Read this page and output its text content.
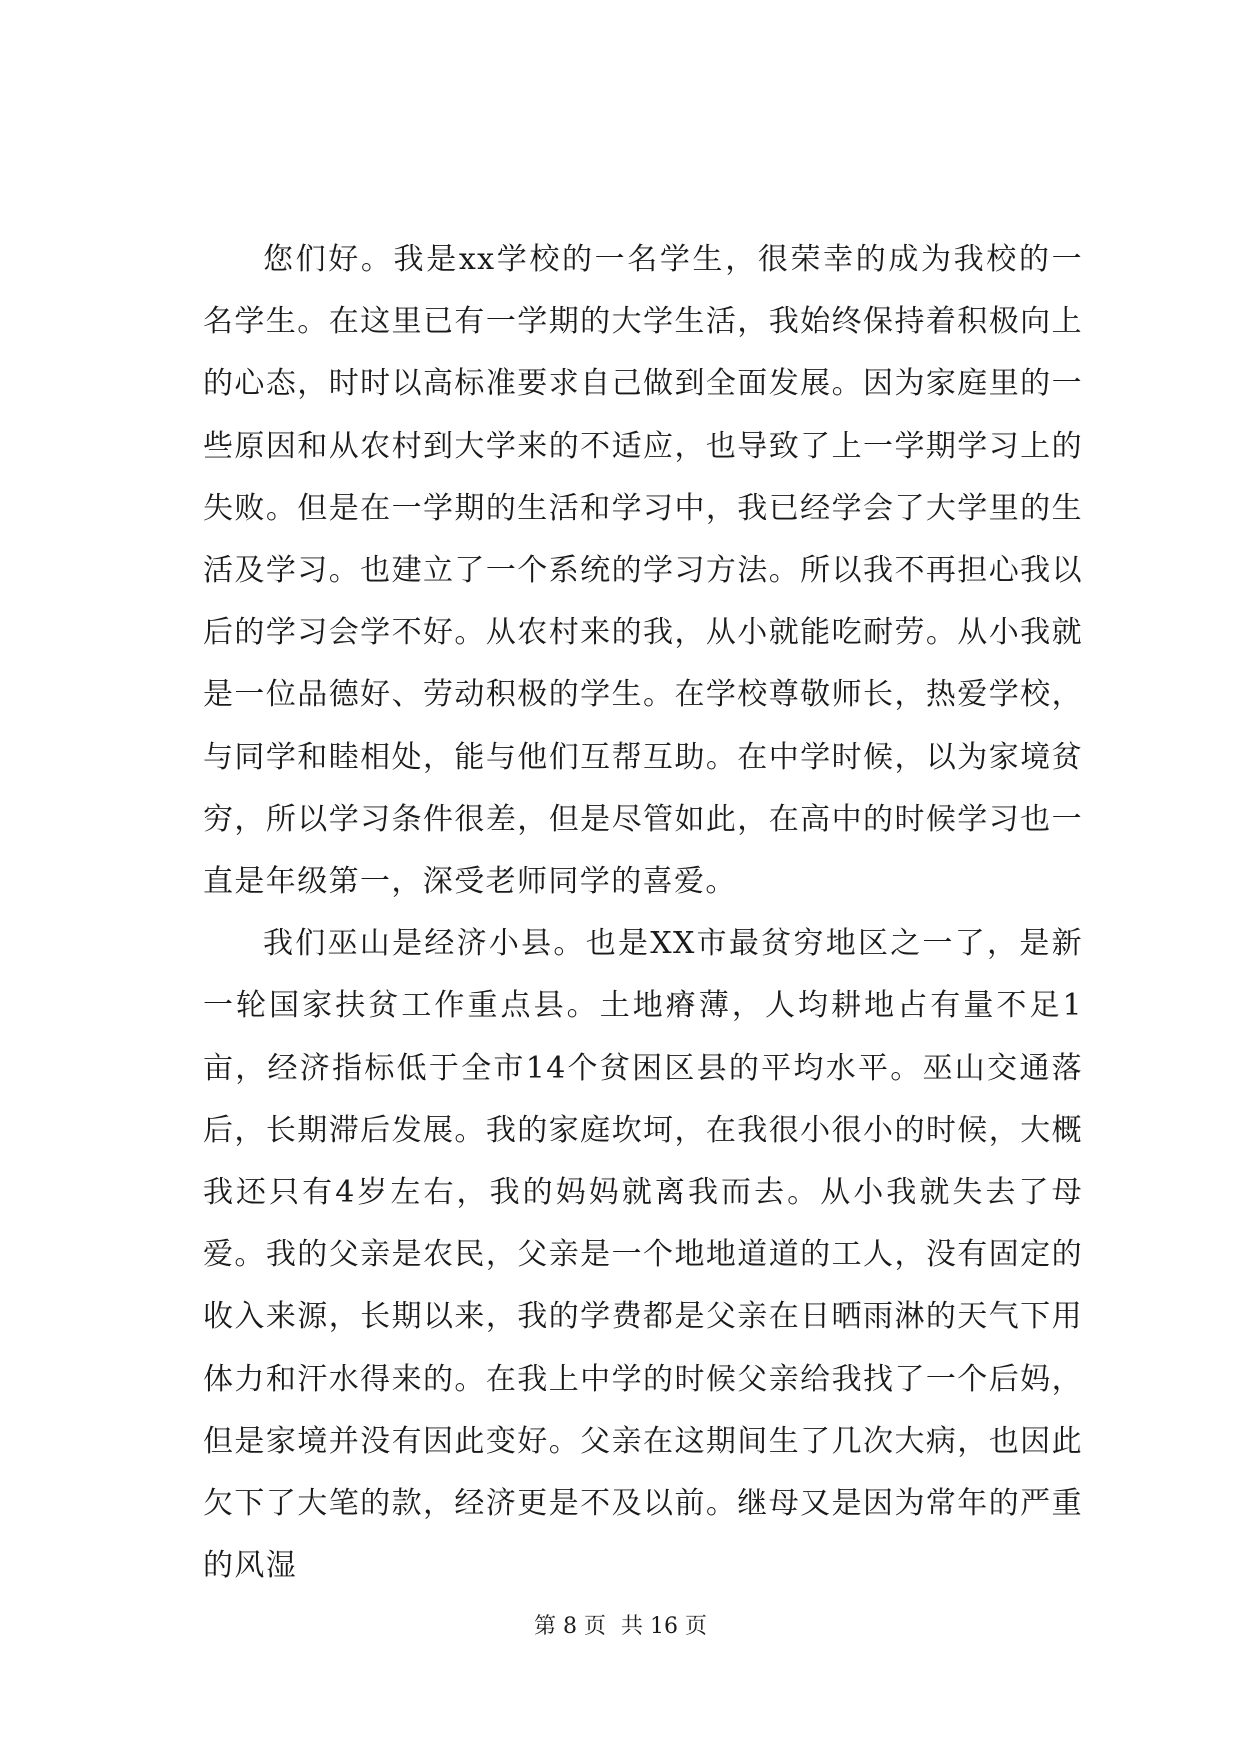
您们好。我是xx学校的一名学生，很荣幸的成为我校的一名学生。在这里已有一学期的大学生活，我始终保持着积极向上的心态，时时以高标准要求自己做到全面发展。因为家庭里的一些原因和从农村到大学来的不适应，也导致了上一学期学习上的失败。但是在一学期的生活和学习中，我已经学会了大学里的生活及学习。也建立了一个系统的学习方法。所以我不再担心我以后的学习会学不好。从农村来的我，从小就能吃耐劳。从小我就是一位品德好、劳动积极的学生。在学校尊敬师长，热爱学校，与同学和睦相处，能与他们互帮互助。在中学时候，以为家境贫穷，所以学习条件很差，但是尽管如此，在高中的时候学习也一直是年级第一，深受老师同学的喜爱。

我们巫山是经济小县。也是XX市最贫穷地区之一了，是新一轮国家扶贫工作重点县。土地瘠薄，人均耕地占有量不足1亩，经济指标低于全市14个贫困区县的平均水平。巫山交通落后，长期滞后发展。我的家庭坎坷，在我很小很小的时候，大概我还只有4岁左右，我的妈妈就离我而去。从小我就失去了母爱。我的父亲是农民，父亲是一个地地道道的工人，没有固定的收入来源，长期以来，我的学费都是父亲在日晒雨淋的天气下用体力和汗水得来的。在我上中学的时候父亲给我找了一个后妈，但是家境并没有因此变好。父亲在这期间生了几次大病，也因此欠下了大笔的款，经济更是不及以前。继母又是因为常年的严重的风湿

第 8 页 共 16 页
